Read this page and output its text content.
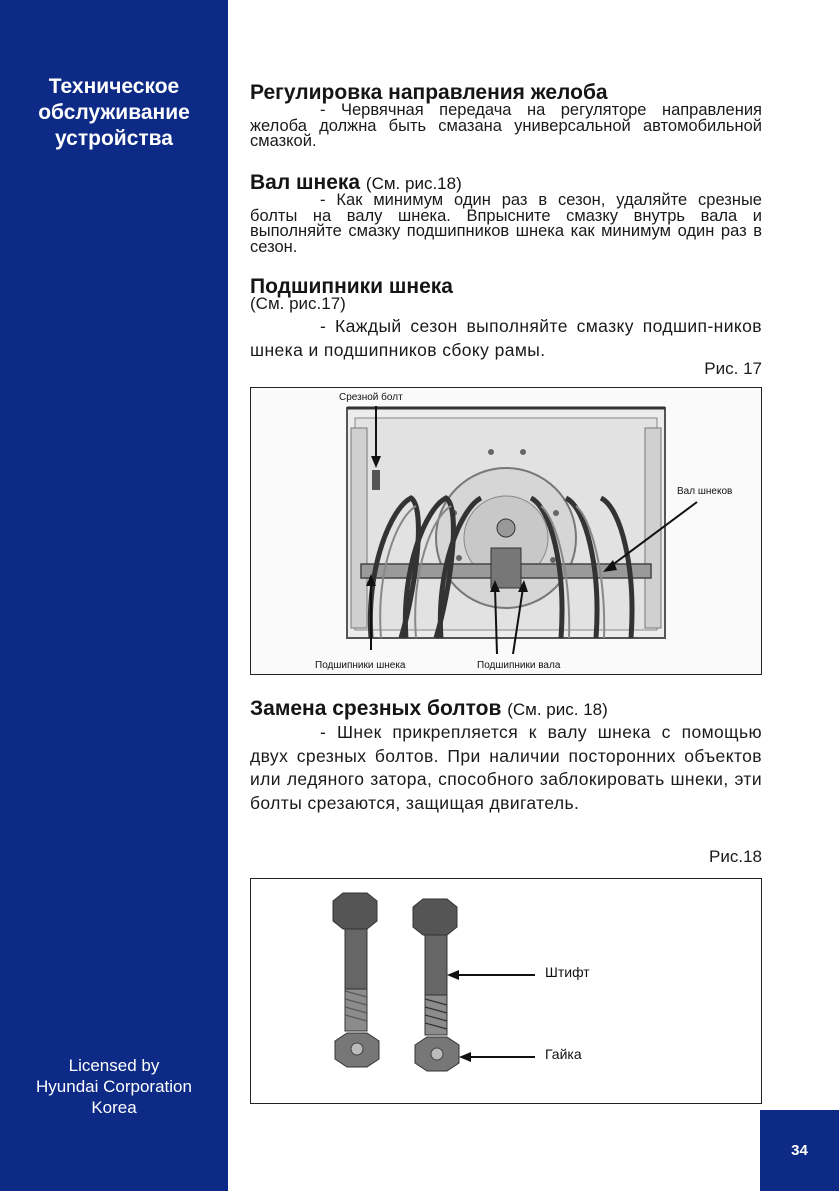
Техническое
обслуживание
устройства
Licensed by
Hyundai Corporation
Korea
34
Регулировка направления желоба
- Червячная передача на регуляторе направления желоба должна быть смазана универсальной автомобильной смазкой.
Вал шнека (См. рис.18)
- Как минимум один раз в сезон, удаляйте срезные болты на валу шнека. Впрысните смазку внутрь вала и выполняйте смазку подшипников шнека как минимум один раз в сезон.
Подшипники шнека
(См. рис.17)
- Каждый сезон выполняйте смазку подшип-ников шнека и подшипников сбоку рамы.
Рис. 17
Срезной болт
Вал шнеков
Подшипники шнека	Подшипники вала
Замена срезных болтов (См. рис. 18)
- Шнек прикрепляется к валу шнека с помощью двух срезных болтов. При наличии посторонних объектов или ледяного затора, способного заблокировать шнеки, эти болты срезаются, защищая двигатель.
Рис.18
Штифт
Гайка
